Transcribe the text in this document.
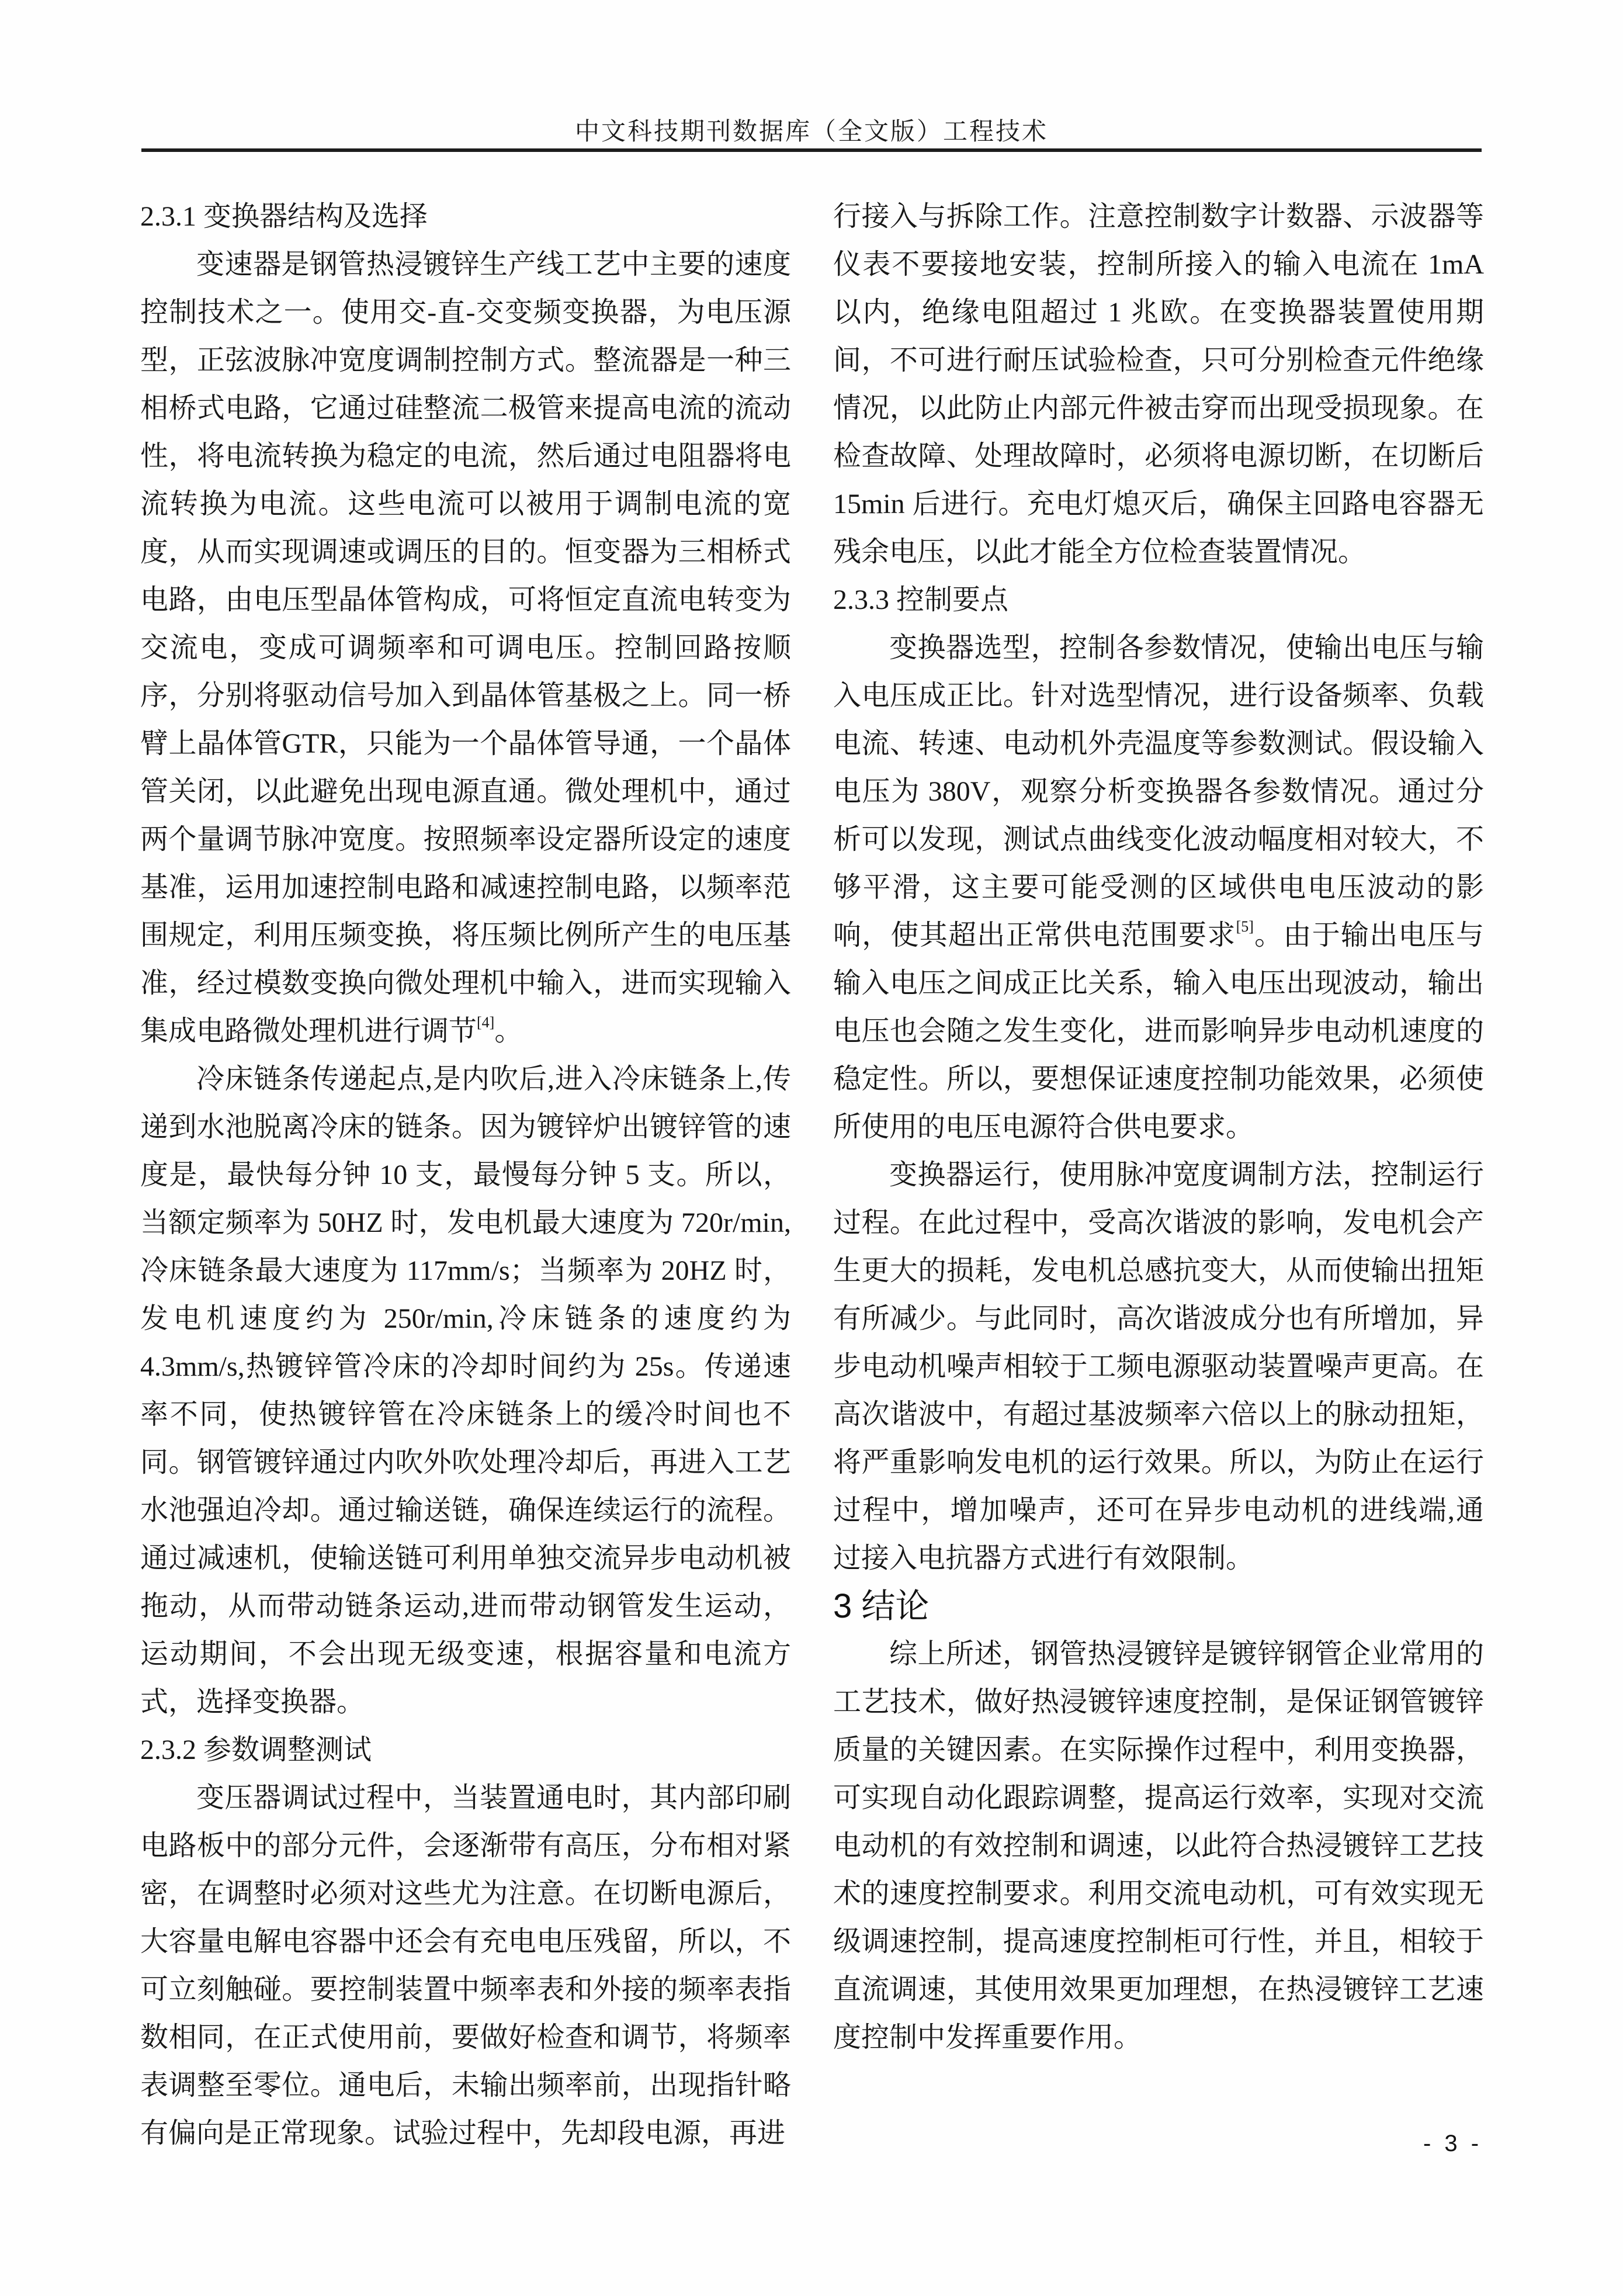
中文科技期刊数据库（全文版）工程技术
2.3.1 变换器结构及选择

变速器是钢管热浸镀锌生产线工艺中主要的速度控制技术之一。使用交-直-交变频变换器，为电压源型，正弦波脉冲宽度调制控制方式。整流器是一种三相桥式电路，它通过硅整流二极管来提高电流的流动性，将电流转换为稳定的电流，然后通过电阻器将电流转换为电流。这些电流可以被用于调制电流的宽度，从而实现调速或调压的目的。恒变器为三相桥式电路，由电压型晶体管构成，可将恒定直流电转变为交流电，变成可调频率和可调电压。控制回路按顺序，分别将驱动信号加入到晶体管基极之上。同一桥臂上晶体管GTR，只能为一个晶体管导通，一个晶体管关闭，以此避免出现电源直通。微处理机中，通过两个量调节脉冲宽度。按照频率设定器所设定的速度基准，运用加速控制电路和减速控制电路，以频率范围规定，利用压频变换，将压频比例所产生的电压基准，经过模数变换向微处理机中输入，进而实现输入集成电路微处理机进行调节[4]。

冷床链条传递起点,是内吹后,进入冷床链条上,传递到水池脱离冷床的链条。因为镀锌炉出镀锌管的速度是，最快每分钟 10 支，最慢每分钟 5 支。所以，当额定频率为 50HZ 时，发电机最大速度为 720r/min,冷床链条最大速度为 117mm/s；当频率为 20HZ 时，发电机速度约为 250r/min,冷床链条的速度约为 4.3mm/s,热镀锌管冷床的冷却时间约为 25s。传递速率不同，使热镀锌管在冷床链条上的缓冷时间也不同。钢管镀锌通过内吹外吹处理冷却后，再进入工艺水池强迫冷却。通过输送链，确保连续运行的流程。通过减速机，使输送链可利用单独交流异步电动机被拖动，从而带动链条运动,进而带动钢管发生运动，运动期间，不会出现无级变速，根据容量和电流方式，选择变换器。

2.3.2 参数调整测试

变压器调试过程中，当装置通电时，其内部印刷电路板中的部分元件，会逐渐带有高压，分布相对紧密，在调整时必须对这些尤为注意。在切断电源后，大容量电解电容器中还会有充电电压残留，所以，不可立刻触碰。要控制装置中频率表和外接的频率表指数相同，在正式使用前，要做好检查和调节，将频率表调整至零位。通电后，未输出频率前，出现指针略有偏向是正常现象。试验过程中，先却段电源，再进

行接入与拆除工作。注意控制数字计数器、示波器等仪表不要接地安装，控制所接入的输入电流在 1mA 以内，绝缘电阻超过 1 兆欧。在变换器装置使用期间，不可进行耐压试验检查，只可分别检查元件绝缘情况，以此防止内部元件被击穿而出现受损现象。在检查故障、处理故障时，必须将电源切断，在切断后 15min 后进行。充电灯熄灭后，确保主回路电容器无残余电压，以此才能全方位检查装置情况。

2.3.3 控制要点

变换器选型，控制各参数情况，使输出电压与输入电压成正比。针对选型情况，进行设备频率、负载电流、转速、电动机外壳温度等参数测试。假设输入电压为 380V，观察分析变换器各参数情况。通过分析可以发现，测试点曲线变化波动幅度相对较大，不够平滑，这主要可能受测的区域供电电压波动的影响，使其超出正常供电范围要求[5]。由于输出电压与输入电压之间成正比关系，输入电压出现波动，输出电压也会随之发生变化，进而影响异步电动机速度的稳定性。所以，要想保证速度控制功能效果，必须使所使用的电压电源符合供电要求。

变换器运行，使用脉冲宽度调制方法，控制运行过程。在此过程中，受高次谐波的影响，发电机会产生更大的损耗，发电机总感抗变大，从而使输出扭矩有所减少。与此同时，高次谐波成分也有所增加，异步电动机噪声相较于工频电源驱动装置噪声更高。在高次谐波中，有超过基波频率六倍以上的脉动扭矩，将严重影响发电机的运行效果。所以，为防止在运行过程中，增加噪声，还可在异步电动机的进线端,通过接入电抗器方式进行有效限制。

3 结论

综上所述，钢管热浸镀锌是镀锌钢管企业常用的工艺技术，做好热浸镀锌速度控制，是保证钢管镀锌质量的关键因素。在实际操作过程中，利用变换器，可实现自动化跟踪调整，提高运行效率，实现对交流电动机的有效控制和调速，以此符合热浸镀锌工艺技术的速度控制要求。利用交流电动机，可有效实现无级调速控制，提高速度控制柜可行性，并且，相较于直流调速，其使用效果更加理想，在热浸镀锌工艺速度控制中发挥重要作用。

- 3 -
